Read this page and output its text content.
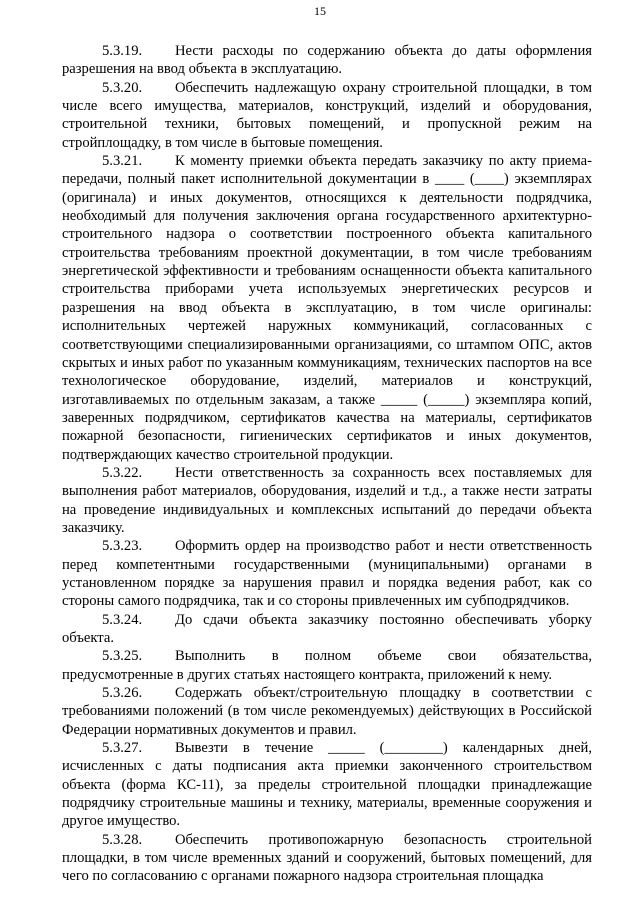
15

5.3.19. Нести расходы по содержанию объекта до даты оформления разрешения на ввод объекта в эксплуатацию.

5.3.20. Обеспечить надлежащую охрану строительной площадки, в том числе всего имущества, материалов, конструкций, изделий и оборудования, строительной техники, бытовых помещений, и пропускной режим на стройплощадку, в том числе в бытовые помещения.

5.3.21. К моменту приемки объекта передать заказчику по акту приема-передачи, полный пакет исполнительной документации в ____ (____) экземплярах (оригинала) и иных документов, относящихся к деятельности подрядчика, необходимый для получения заключения органа государственного архитектурно-строительного надзора о соответствии построенного объекта капитального строительства требованиям проектной документации, в том числе требованиям энергетической эффективности и требованиям оснащенности объекта капитального строительства приборами учета используемых энергетических ресурсов и разрешения на ввод объекта в эксплуатацию, в том числе оригиналы: исполнительных чертежей наружных коммуникаций, согласованных с соответствующими специализированными организациями, со штампом ОПС, актов скрытых и иных работ по указанным коммуникациям, технических паспортов на все технологическое оборудование, изделий, материалов и конструкций, изготавливаемых по отдельным заказам, а также _____ (_____) экземпляра копий, заверенных подрядчиком, сертификатов качества на материалы, сертификатов пожарной безопасности, гигиенических сертификатов и иных документов, подтверждающих качество строительной продукции.

5.3.22. Нести ответственность за сохранность всех поставляемых для выполнения работ материалов, оборудования, изделий и т.д., а также нести затраты на проведение индивидуальных и комплексных испытаний до передачи объекта заказчику.

5.3.23. Оформить ордер на производство работ и нести ответственность перед компетентными государственными (муниципальными) органами в установленном порядке за нарушения правил и порядка ведения работ, как со стороны самого подрядчика, так и со стороны привлеченных им субподрядчиков.

5.3.24. До сдачи объекта заказчику постоянно обеспечивать уборку объекта.

5.3.25. Выполнить в полном объеме свои обязательства, предусмотренные в других статьях настоящего контракта, приложений к нему.

5.3.26. Содержать объект/строительную площадку в соответствии с требованиями положений (в том числе рекомендуемых) действующих в Российской Федерации нормативных документов и правил.

5.3.27. Вывезти в течение _____ (________) календарных дней, исчисленных с даты подписания акта приемки законченного строительством объекта (форма КС-11), за пределы строительной площадки принадлежащие подрядчику строительные машины и технику, материалы, временные сооружения и другое имущество.

5.3.28. Обеспечить противопожарную безопасность строительной площадки, в том числе временных зданий и сооружений, бытовых помещений, для чего по согласованию с органами пожарного надзора строительная площадка
